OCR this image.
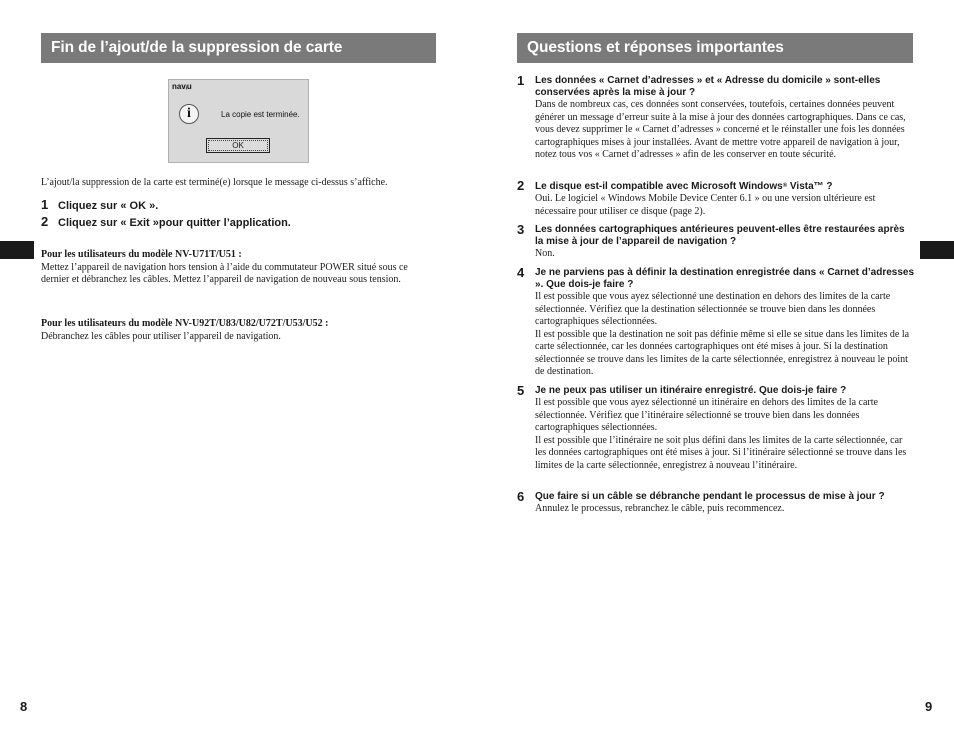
Fin de l’ajout/de la suppression de carte
navᵢu
i	La copie est terminée.
OK
L’ajout/la suppression de la carte est terminé(e) lorsque le message ci-dessus s’affiche.
1 Cliquez sur « OK ».
2 Cliquez sur « Exit »pour quitter l’application.
Pour les utilisateurs du modèle NV-U71T/U51 :
Mettez l’appareil de navigation hors tension à l’aide du commutateur POWER situé sous ce dernier et débranchez les câbles. Mettez l’appareil de navigation de nouveau sous tension.
Pour les utilisateurs du modèle NV-U92T/U83/U82/U72T/U53/U52 :
Débranchez les câbles pour utiliser l’appareil de navigation.
8
Questions et réponses importantes
1 Les données « Carnet d’adresses » et « Adresse du domicile » sont-elles conservées après la mise à jour ?

Dans de nombreux cas, ces données sont conservées, toutefois, certaines données peuvent générer un message d’erreur suite à la mise à jour des données cartographiques. Dans ce cas, vous devez supprimer le « Carnet d’adresses » concerné et le réinstaller une fois les données cartographiques mises à jour installées. Avant de mettre votre appareil de navigation à jour, notez tous vos « Carnet d’adresses » afin de les conserver en toute sécurité.

2 Le disque est-il compatible avec Microsoft Windows® Vista™ ?

Oui. Le logiciel « Windows Mobile Device Center 6.1 » ou une version ultérieure est nécessaire pour utiliser ce disque (page 2).

3 Les données cartographiques antérieures peuvent-elles être restaurées après la mise à jour de l’appareil de navigation ?

Non.

4 Je ne parviens pas à définir la destination enregistrée dans « Carnet d’adresses ». Que dois-je faire ?

Il est possible que vous ayez sélectionné une destination en dehors des limites de la carte sélectionnée. Vérifiez que la destination sélectionnée se trouve bien dans les données cartographiques sélectionnées.

Il est possible que la destination ne soit pas définie même si elle se situe dans les limites de la carte sélectionnée, car les données cartographiques ont été mises à jour. Si la destination sélectionnée se trouve dans les limites de la carte sélectionnée, enregistrez à nouveau le point de destination.

5 Je ne peux pas utiliser un itinéraire enregistré. Que dois-je faire ?

Il est possible que vous ayez sélectionné un itinéraire en dehors des limites de la carte sélectionnée. Vérifiez que l’itinéraire sélectionné se trouve bien dans les données cartographiques sélectionnées.

Il est possible que l’itinéraire ne soit plus défini dans les limites de la carte sélectionnée, car les données cartographiques ont été mises à jour. Si l’itinéraire sélectionné se trouve dans les limites de la carte sélectionnée, enregistrez à nouveau l’itinéraire.

6 Que faire si un câble se débranche pendant le processus de mise à jour ?

Annulez le processus, rebranchez le câble, puis recommencez.

9
